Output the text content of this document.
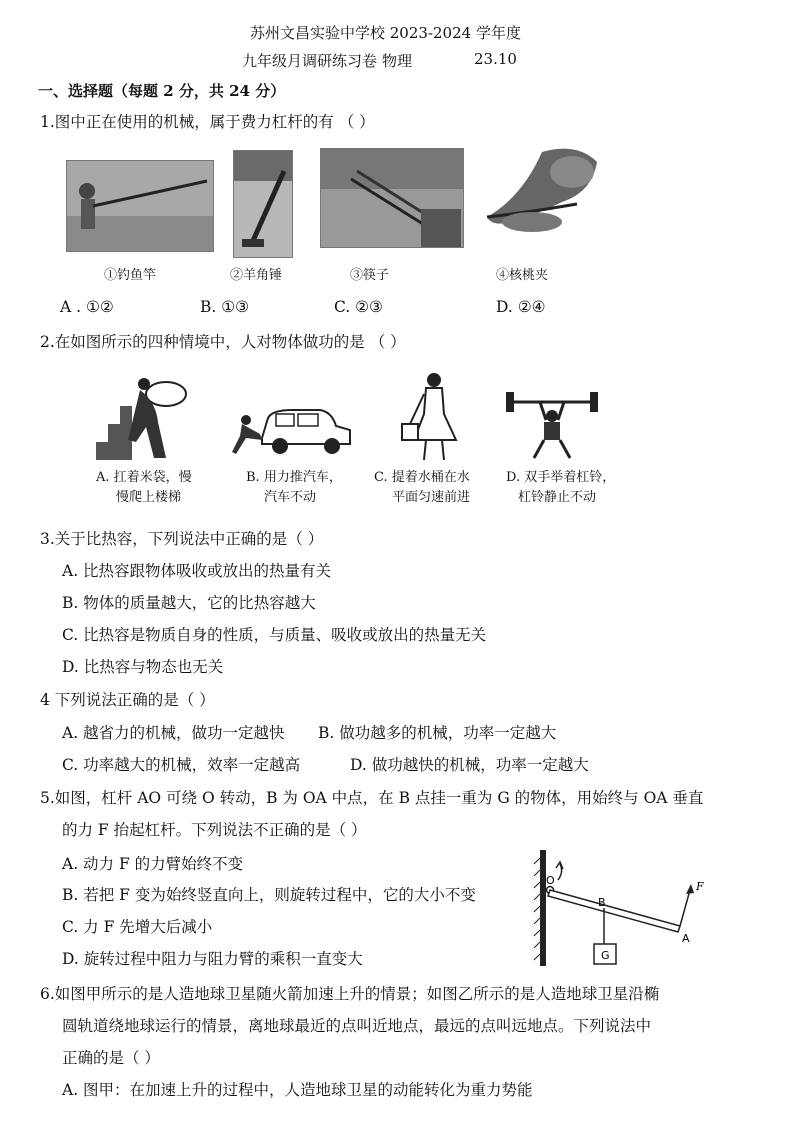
苏州文昌实验中学校 2023-2024 学年度
九年级月调研练习卷 物理	23.10
一、选择题（每题 2 分，共 24 分）
1.图中正在使用的机械，属于费力杠杆的有 （ ）
①钓鱼竿	②羊角锤	③筷子	④核桃夹
A . ①②	B. ①③	C. ②③	D. ②④
2.在如图所示的四种情境中，人对物体做功的是 （ ）
A. 扛着米袋，慢
慢爬上楼梯
B. 用力推汽车，
汽车不动
C. 提着水桶在水
平面匀速前进
D. 双手举着杠铃，
杠铃静止不动
3.关于比热容，下列说法中正确的是（ ）
A. 比热容跟物体吸收或放出的热量有关
B. 物体的质量越大，它的比热容越大
C. 比热容是物质自身的性质，与质量、吸收或放出的热量无关
D. 比热容与物态也无关
4 下列说法正确的是（ ）
A. 越省力的机械，做功一定越快 B. 做功越多的机械，功率一定越大
C. 功率越大的机械，效率一定越高	D. 做功越快的机械，功率一定越大
5.如图，杠杆 AO 可绕 O 转动，B 为 OA 中点，在 B 点挂一重为 G 的物体，用始终与 OA 垂直
的力 F 抬起杠杆。下列说法不正确的是（ ）
A. 动力 F 的力臂始终不变
B. 若把 F 变为始终竖直向上，则旋转过程中，它的大小不变
C. 力 F 先增大后减小
D. 旋转过程中阻力与阻力臂的乘积一直变大
O
B
A
F
G
6.如图甲所示的是人造地球卫星随火箭加速上升的情景；如图乙所示的是人造地球卫星沿椭
圆轨道绕地球运行的情景，离地球最近的点叫近地点，最远的点叫远地点。下列说法中
正确的是（ ）
A. 图甲：在加速上升的过程中，人造地球卫星的动能转化为重力势能
